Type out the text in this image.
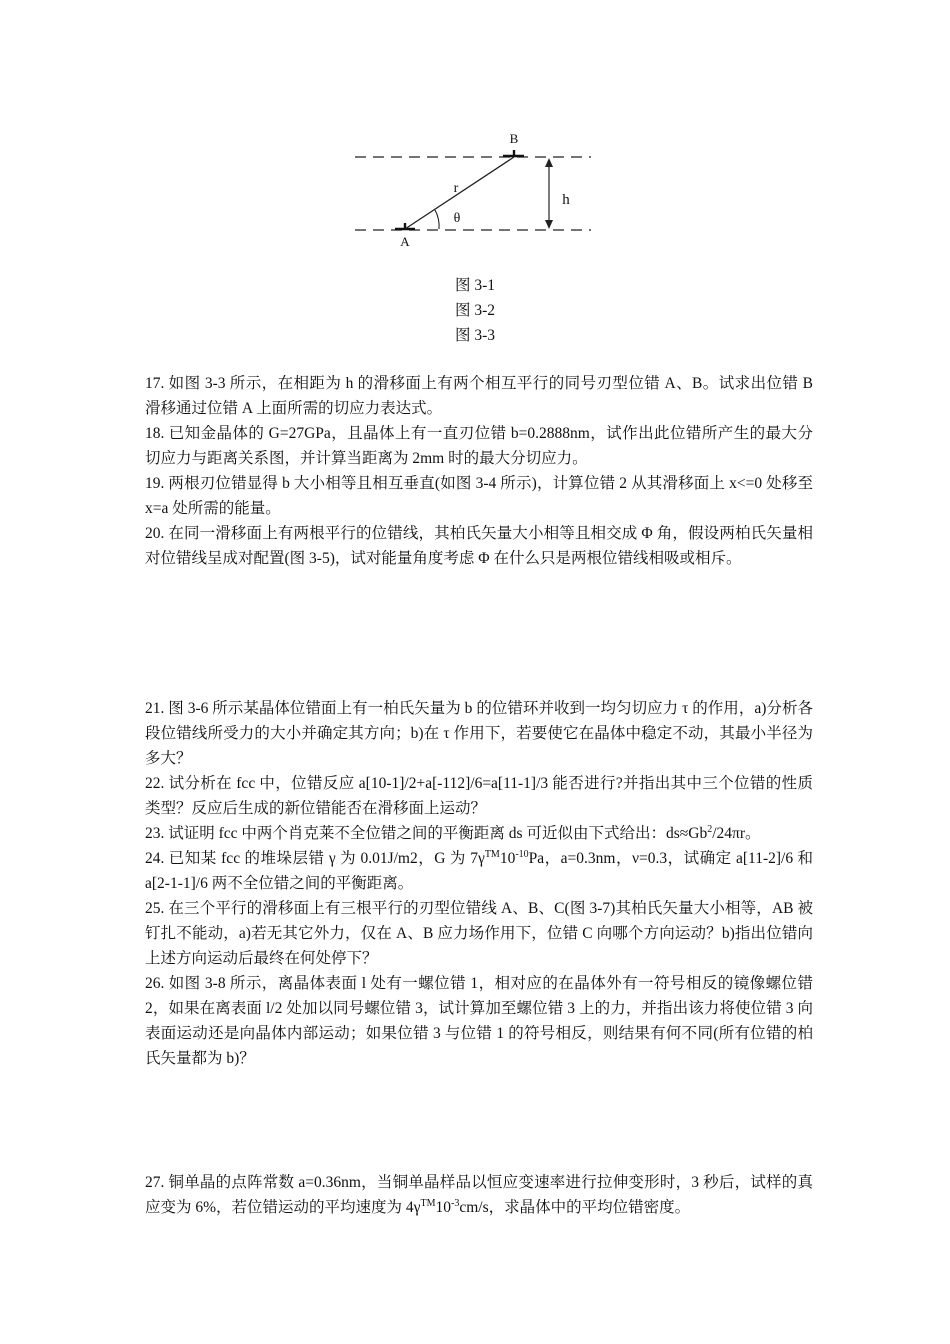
B
A
r
θ
h
图 3-1
图 3-2
图 3-3

17. 如图 3-3 所示，在相距为 h 的滑移面上有两个相互平行的同号刃型位错 A、B。试求出位错 B 滑移通过位错 A 上面所需的切应力表达式。

18. 已知金晶体的 G=27GPa，且晶体上有一直刃位错 b=0.2888nm，试作出此位错所产生的最大分切应力与距离关系图，并计算当距离为 2mm 时的最大分切应力。

19. 两根刃位错显得 b 大小相等且相互垂直(如图 3-4 所示)，计算位错 2 从其滑移面上 x<=0 处移至 x=a 处所需的能量。

20. 在同一滑移面上有两根平行的位错线，其柏氏矢量大小相等且相交成 Φ 角，假设两柏氏矢量相对位错线呈成对配置(图 3-5)，试对能量角度考虑 Φ 在什么只是两根位错线相吸或相斥。

21. 图 3-6 所示某晶体位错面上有一柏氏矢量为 b 的位错环并收到一均匀切应力 τ 的作用，a)分析各段位错线所受力的大小并确定其方向；b)在 τ 作用下，若要使它在晶体中稳定不动，其最小半径为多大？

22. 试分析在 fcc 中，位错反应 a[10-1]/2+a[-112]/6=a[11-1]/3 能否进行?并指出其中三个位错的性质类型？反应后生成的新位错能否在滑移面上运动？

23. 试证明 fcc 中两个肖克莱不全位错之间的平衡距离 ds 可近似由下式给出：$ds\approx Gb^2/24\pi r$。

24. 已知某 fcc 的堆垛层错 γ 为 0.01J/m2，G 为 $7\gamma™10^{-10}Pa$，a=0.3nm，ν=0.3，试确定 a[11-2]/6 和 a[2-1-1]/6 两不全位错之间的平衡距离。

25. 在三个平行的滑移面上有三根平行的刃型位错线 A、B、C(图 3-7)其柏氏矢量大小相等，AB 被钉扎不能动，a)若无其它外力，仅在 A、B 应力场作用下，位错 C 向哪个方向运动？b)指出位错向上述方向运动后最终在何处停下？

26. 如图 3-8 所示，离晶体表面 l 处有一螺位错 1，相对应的在晶体外有一符号相反的镜像螺位错 2，如果在离表面 l/2 处加以同号螺位错 3，试计算加至螺位错 3 上的力，并指出该力将使位错 3 向表面运动还是向晶体内部运动；如果位错 3 与位错 1 的符号相反，则结果有何不同(所有位错的柏氏矢量都为 b)？

27. 铜单晶的点阵常数 a=0.36nm，当铜单晶样品以恒应变速率进行拉伸变形时，3 秒后，试样的真应变为 6%，若位错运动的平均速度为 $4\gamma™10^{-3}cm/s$，求晶体中的平均位错密度。
